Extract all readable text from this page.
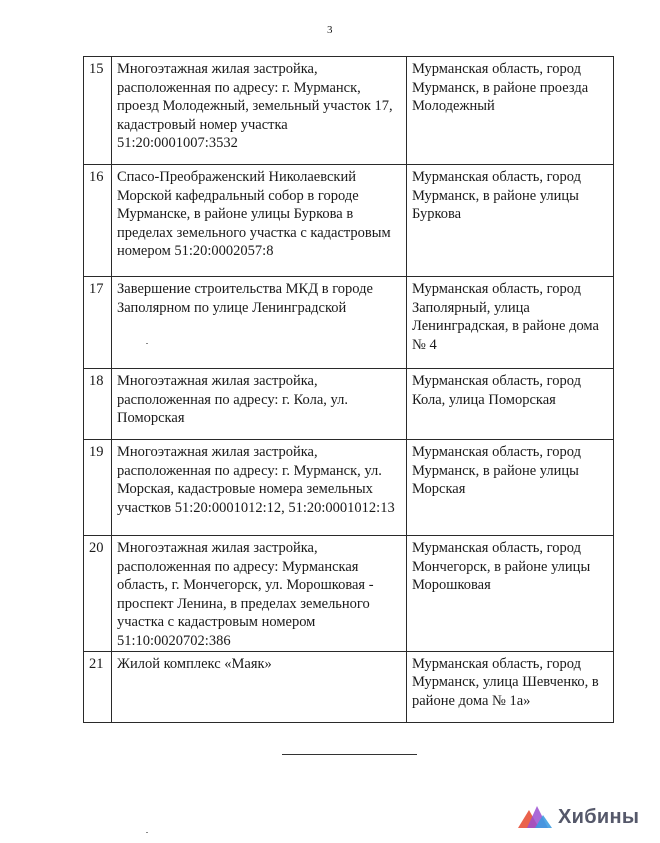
3
15	Многоэтажная жилая застройка, расположенная по адресу: г. Мурманск, проезд Молодежный, земельный участок 17, кадастровый номер участка 51:20:0001007:3532	Мурманская область, город Мурманск, в районе проезда Молодежный
16	Спасо-Преображенский Николаевский Морской кафедральный собор в городе Мурманске, в районе улицы Буркова в пределах земельного участка с кадастровым номером 51:20:0002057:8	Мурманская область, город Мурманск, в районе улицы Буркова
17	Завершение строительства МКД в городе Заполярном по улице Ленинградской	Мурманская область, город Заполярный, улица Ленинградская, в районе дома № 4
18	Многоэтажная жилая застройка, расположенная по адресу: г. Кола, ул. Поморская	Мурманская область, город Кола, улица Поморская
19	Многоэтажная жилая застройка, расположенная по адресу: г. Мурманск, ул. Морская, кадастровые номера земельных участков 51:20:0001012:12, 51:20:0001012:13	Мурманская область, город Мурманск, в районе улицы Морская
20	Многоэтажная жилая застройка, расположенная по адресу: Мурманская область, г. Мончегорск, ул. Морошковая - проспект Ленина, в пределах земельного участка с кадастровым номером 51:10:0020702:386	Мурманская область, город Мончегорск, в районе улицы Морошковая
21	Жилой комплекс «Маяк»	Мурманская область, город Мурманск, улица Шевченко, в районе дома № 1а»
Хибины
